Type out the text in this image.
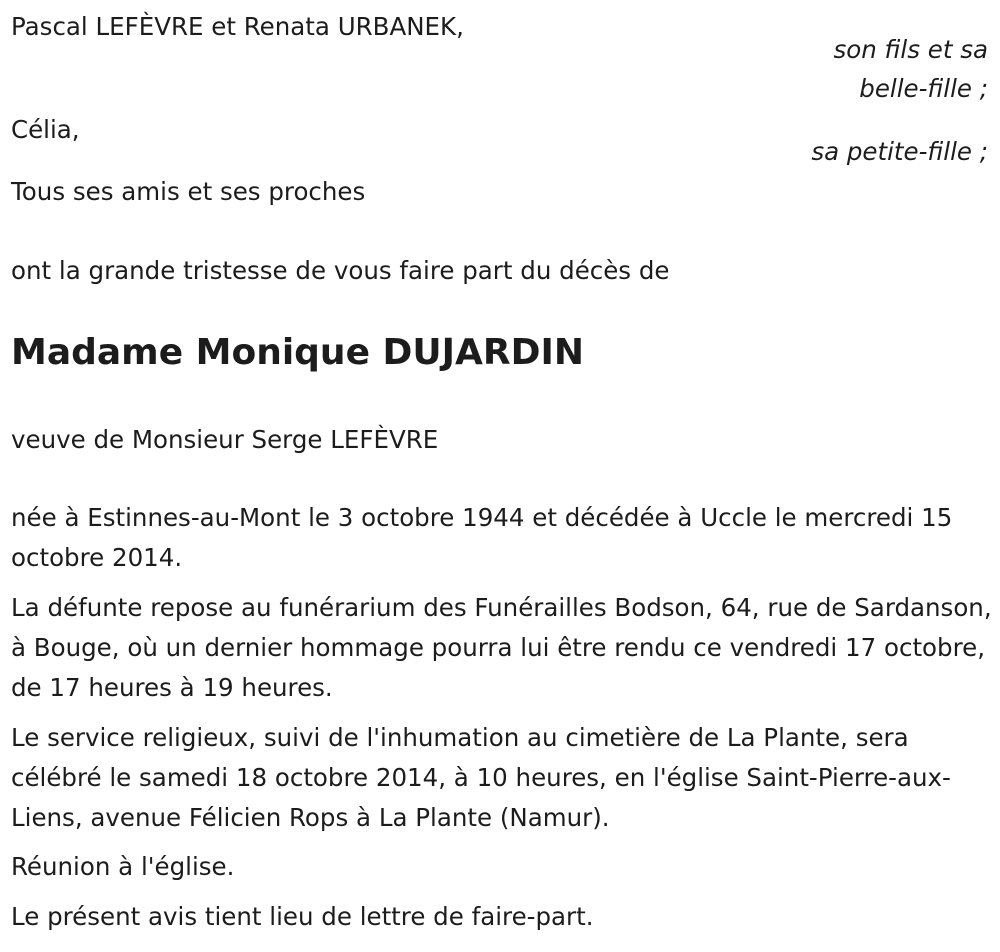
Pascal LEFÈVRE et Renata URBANEK,
son fils et sa
belle-fille ;
Célia,
sa petite-fille ;
Tous ses amis et ses proches
ont la grande tristesse de vous faire part du décès de
Madame Monique DUJARDIN
veuve de Monsieur Serge LEFÈVRE
née à Estinnes-au-Mont le 3 octobre 1944 et décédée à Uccle le mercredi 15 octobre 2014.
La défunte repose au funérarium des Funérailles Bodson, 64, rue de Sardanson, à Bouge, où un dernier hommage pourra lui être rendu ce vendredi 17 octobre, de 17 heures à 19 heures.
Le service religieux, suivi de l'inhumation au cimetière de La Plante, sera célébré le samedi 18 octobre 2014, à 10 heures, en l'église Saint-Pierre-aux-Liens, avenue Félicien Rops à La Plante (Namur).
Réunion à l'église.
Le présent avis tient lieu de lettre de faire-part.
